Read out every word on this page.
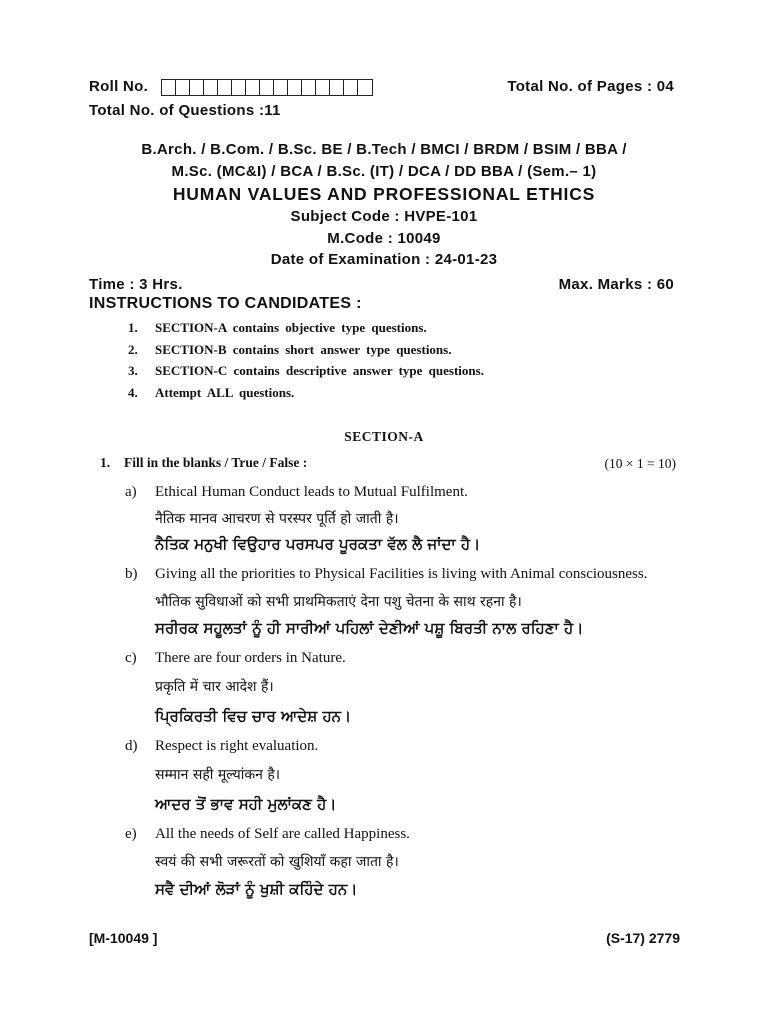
Roll No.	Total No. of Pages : 04
Total No. of Questions :11
B.Arch. / B.Com. / B.Sc. BE / B.Tech / BMCI / BRDM / BSIM / BBA /
M.Sc. (MC&I) / BCA / B.Sc. (IT) / DCA / DD BBA / (Sem.– 1)
HUMAN VALUES AND PROFESSIONAL ETHICS
Subject Code : HVPE-101
M.Code : 10049
Date of Examination : 24-01-23
Time : 3 Hrs.	Max. Marks : 60
INSTRUCTIONS TO CANDIDATES :
1.	SECTION-A contains objective type questions.
2.	SECTION-B contains short answer type questions.
3.	SECTION-C contains descriptive answer type questions.
4.	Attempt ALL questions.
SECTION-A
1. Fill in the blanks / True / False :	(10 × 1 = 10)
a) Ethical Human Conduct leads to Mutual Fulfilment.
नैतिक मानव आचरण से परस्पर पूर्ति हो जाती है।
ਨੈਤਿਕ ਮਨੁਖੀ ਵਿਉਹਾਰ ਪਰਸਪਰ ਪੂਰਕਤਾ ਵੱਲ ਲੈ ਜਾਂਦਾ ਹੈ।
b) Giving all the priorities to Physical Facilities is living with Animal consciousness.
भौतिक सुविधाओं को सभी प्राथमिकताएं देना पशु चेतना के साथ रहना है।
ਸਰੀਰਕ ਸਹੂਲਤਾਂ ਨੂੰ ਹੀ ਸਾਰੀਆਂ ਪਹਿਲਾਂ ਦੇਣੀਆਂ ਪਸ਼ੂ ਬਿਰਤੀ ਨਾਲ ਰਹਿਣਾ ਹੈ।
c) There are four orders in Nature.
प्रकृति में चार आदेश हैं।
ਪ੍ਰਿਕਿਰਤੀ ਵਿਚ ਚਾਰ ਆਦੇਸ਼ ਹਨ।
d) Respect is right evaluation.
सम्मान सही मूल्यांकन है।
ਆਦਰ ਤੋਂ ਭਾਵ ਸਹੀ ਮੁਲਾਂਕਣ ਹੈ।
e) All the needs of Self are called Happiness.
स्वयं की सभी जरूरतों को खुशियाँ कहा जाता है।
ਸਵੈ ਦੀਆਂ ਲੋੜਾਂ ਨੂੰ ਖੁਸ਼ੀ ਕਹਿੰਦੇ ਹਨ।
[M-10049 ]	(S-17) 2779
